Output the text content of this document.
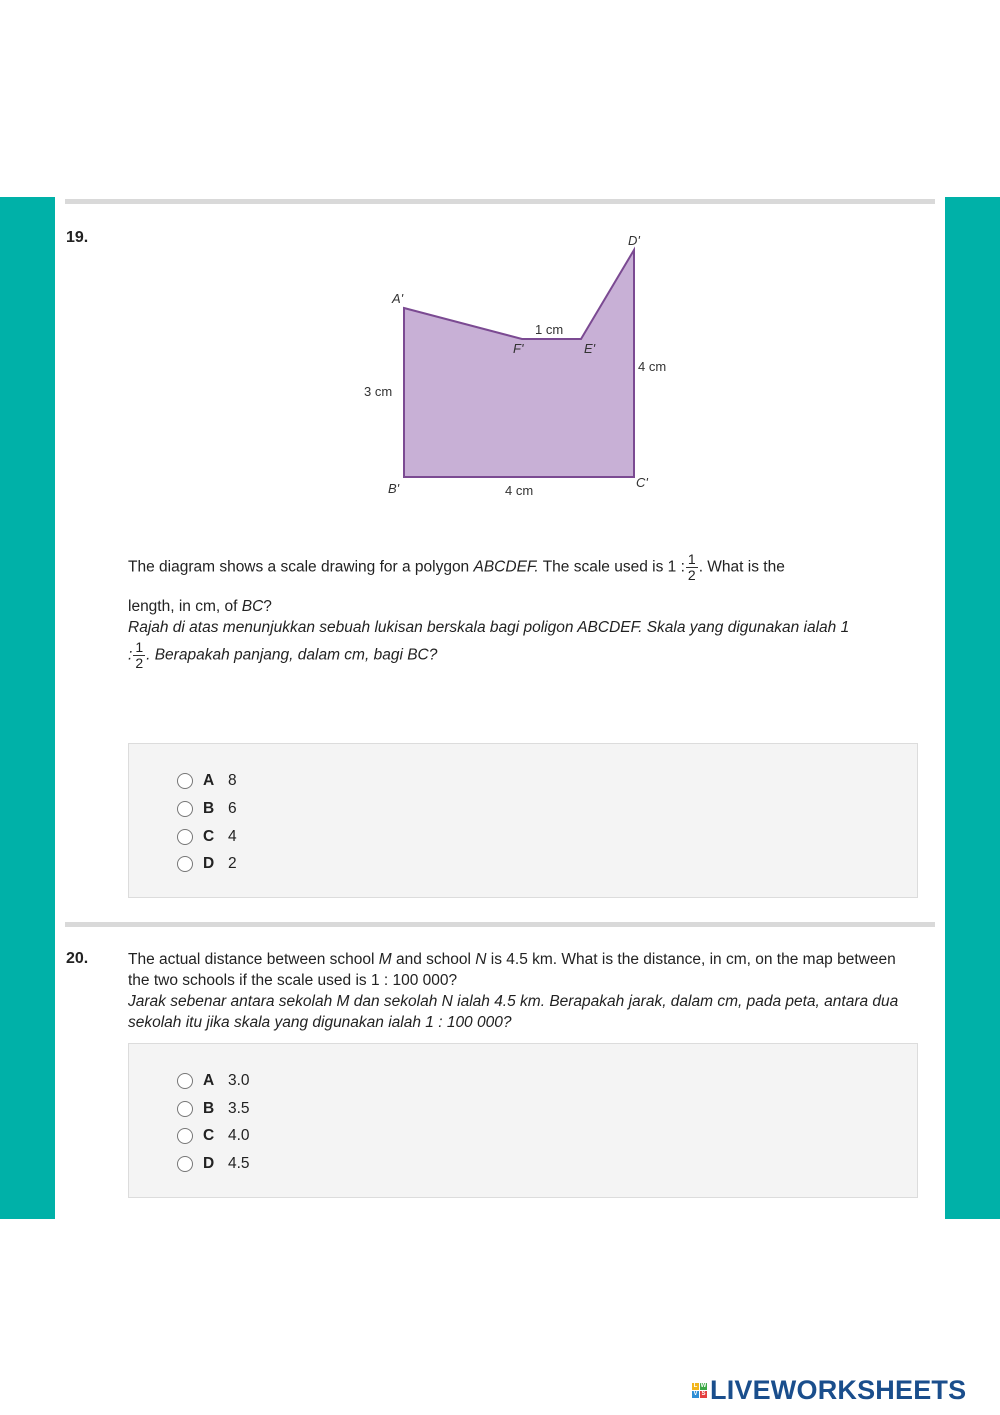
19.	D'
A'
1 cm
F'	E'
4 cm
3 cm
B'	4 cm
C'
The diagram shows a scale drawing for a polygon ABCDEF. The scale used is 1 : $\frac{1}{2}$ . What is the
length, in cm, of BC?
Rajah di atas menunjukkan sebuah lukisan berskala bagi poligon ABCDEF. Skala yang digunakan ialah 1
: $\frac{1}{2}$ . Berapakah panjang, dalam cm, bagi BC?
A 8
B 6
C 4
D 2
20.	The actual distance between school M and school N is 4.5 km. What is the distance, in cm, on the map between the two schools if the scale used is 1 : 100 000?
Jarak sebenar antara sekolah M dan sekolah N ialah 4.5 km. Berapakah jarak, dalam cm, pada peta, antara dua sekolah itu jika skala yang digunakan ialah 1 : 100 000?
A 3.0
B 3.5
C 4.0
D 4.5
L W
V S LIVEWORKSHEETS
